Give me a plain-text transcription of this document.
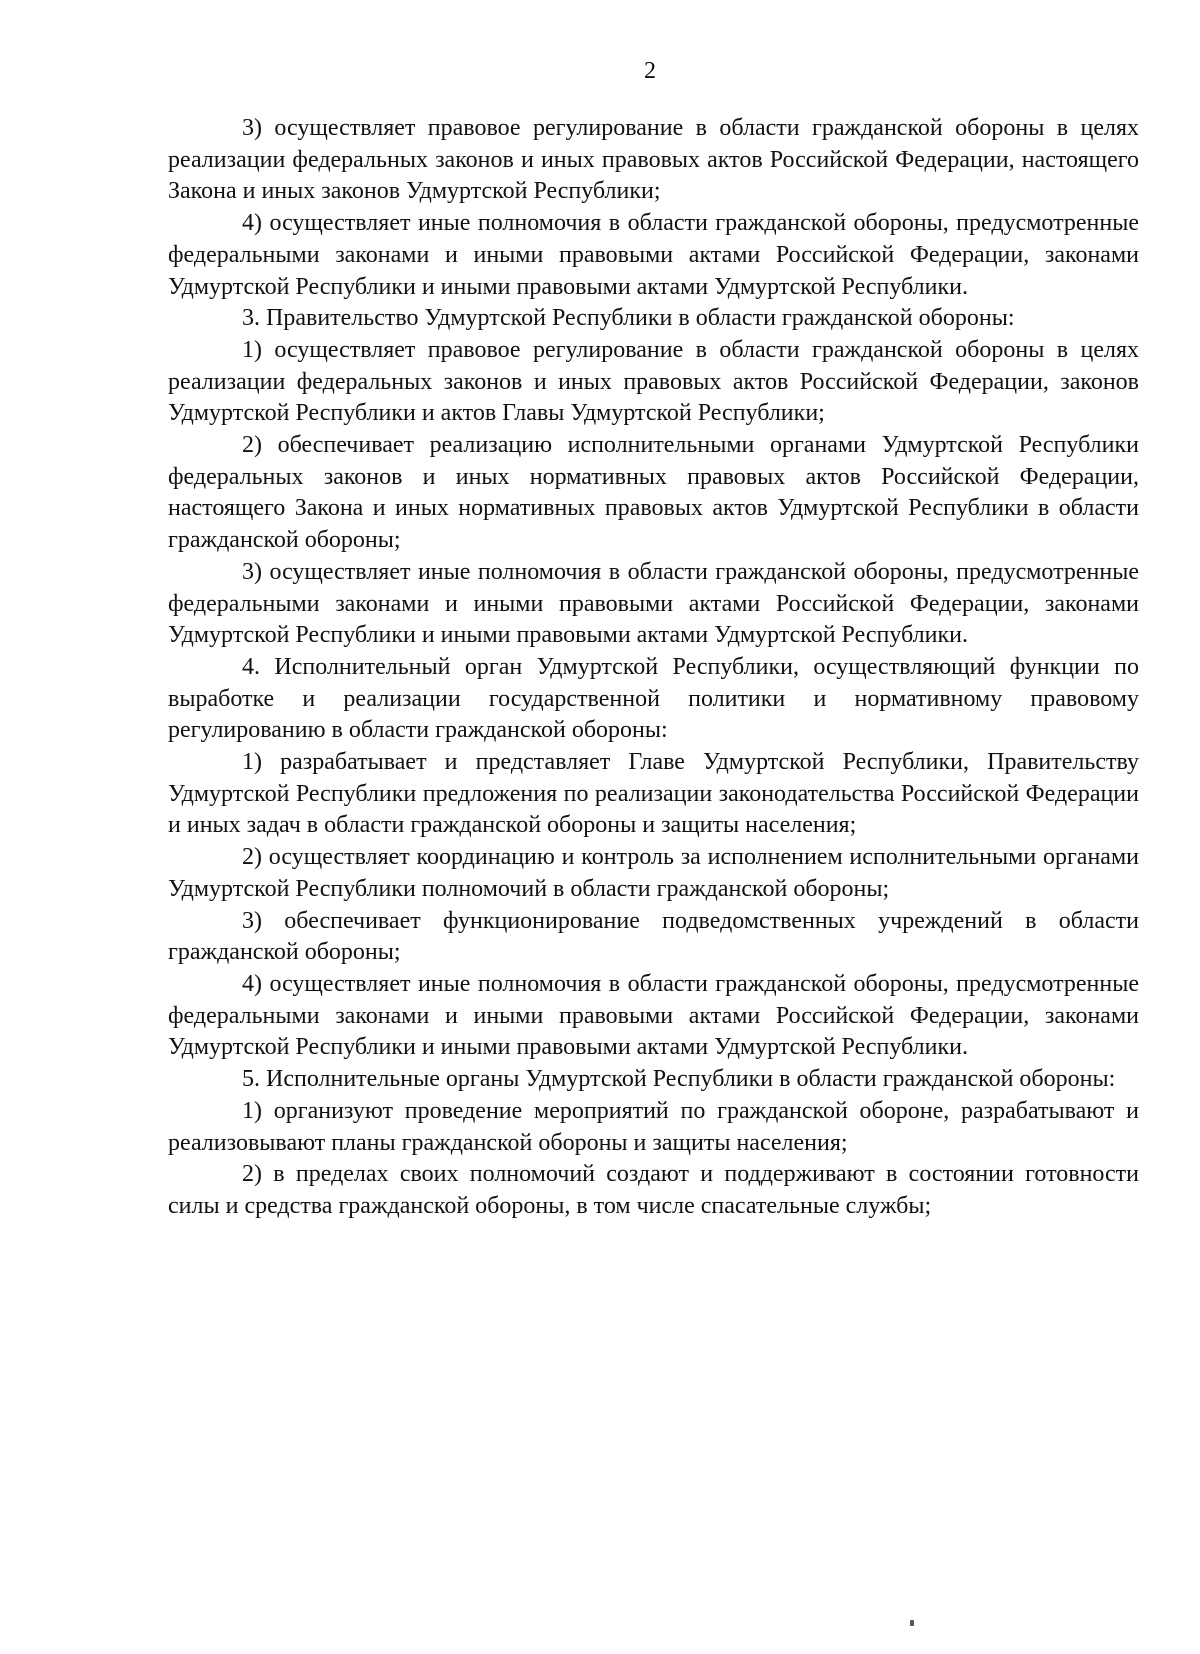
2

3) осуществляет правовое регулирование в области гражданской обороны в целях реализации федеральных законов и иных правовых актов Российской Федерации, настоящего Закона и иных законов Удмуртской Республики;

4) осуществляет иные полномочия в области гражданской обороны, предусмотренные федеральными законами и иными правовыми актами Российской Федерации, законами Удмуртской Республики и иными правовыми актами Удмуртской Республики.

3. Правительство Удмуртской Республики в области гражданской обороны:

1) осуществляет правовое регулирование в области гражданской обороны в целях реализации федеральных законов и иных правовых актов Российской Федерации, законов Удмуртской Республики и актов Главы Удмуртской Республики;

2) обеспечивает реализацию исполнительными органами Удмуртской Республики федеральных законов и иных нормативных правовых актов Российской Федерации, настоящего Закона и иных нормативных правовых актов Удмуртской Республики в области гражданской обороны;

3) осуществляет иные полномочия в области гражданской обороны, предусмотренные федеральными законами и иными правовыми актами Российской Федерации, законами Удмуртской Республики и иными правовыми актами Удмуртской Республики.

4. Исполнительный орган Удмуртской Республики, осуществляющий функции по выработке и реализации государственной политики и нормативному правовому регулированию в области гражданской обороны:

1) разрабатывает и представляет Главе Удмуртской Республики, Правительству Удмуртской Республики предложения по реализации законодательства Российской Федерации и иных задач в области гражданской обороны и защиты населения;

2) осуществляет координацию и контроль за исполнением исполнительными органами Удмуртской Республики полномочий в области гражданской обороны;

3) обеспечивает функционирование подведомственных учреждений в области гражданской обороны;

4) осуществляет иные полномочия в области гражданской обороны, предусмотренные федеральными законами и иными правовыми актами Российской Федерации, законами Удмуртской Республики и иными правовыми актами Удмуртской Республики.

5. Исполнительные органы Удмуртской Республики в области гражданской обороны:

1) организуют проведение мероприятий по гражданской обороне, разрабатывают и реализовывают планы гражданской обороны и защиты населения;

2) в пределах своих полномочий создают и поддерживают в состоянии готовности силы и средства гражданской обороны, в том числе спасательные службы;
